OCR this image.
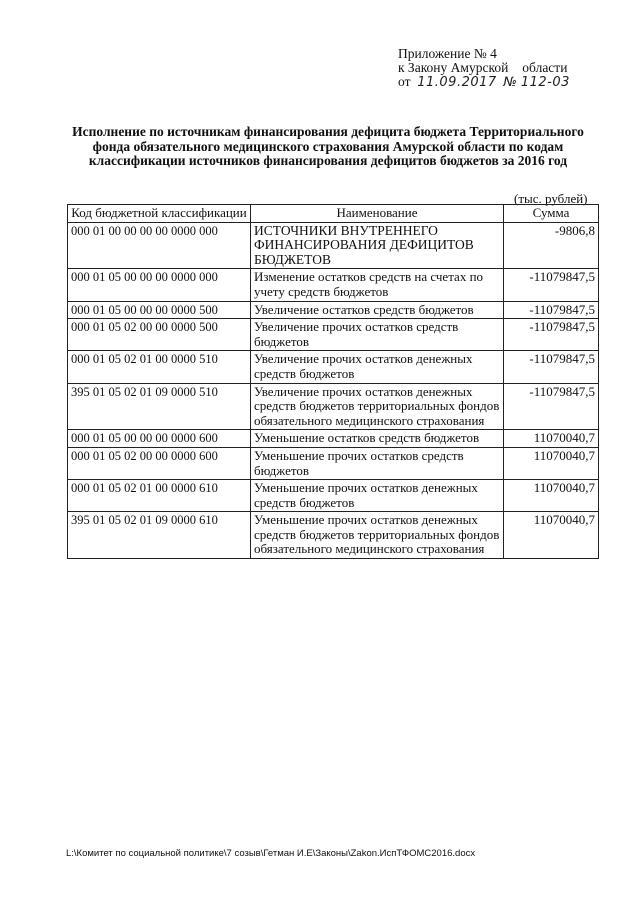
Приложение № 4
к Закону Амурской области
от 11.09.2017 № 112-03
Исполнение по источникам финансирования дефицита бюджета Территориального фонда обязательного медицинского страхования Амурской области по кодам классификации источников финансирования дефицитов бюджетов за 2016 год
(тыс. рублей)
Код бюджетной классификации	Наименование	Сумма
000 01 00 00 00 00 0000 000	ИСТОЧНИКИ ВНУТРЕННЕГО ФИНАНСИРОВАНИЯ ДЕФИЦИТОВ БЮДЖЕТОВ	-9806,8
000 01 05 00 00 00 0000 000	Изменение остатков средств на счетах по учету средств бюджетов	-11079847,5
000 01 05 00 00 00 0000 500	Увеличение остатков средств бюджетов	-11079847,5
000 01 05 02 00 00 0000 500	Увеличение прочих остатков средств бюджетов	-11079847,5
000 01 05 02 01 00 0000 510	Увеличение прочих остатков денежных средств бюджетов	-11079847,5
395 01 05 02 01 09 0000 510	Увеличение прочих остатков денежных средств бюджетов территориальных фондов обязательного медицинского страхования	-11079847,5
000 01 05 00 00 00 0000 600	Уменьшение остатков средств бюджетов	11070040,7
000 01 05 02 00 00 0000 600	Уменьшение прочих остатков средств бюджетов	11070040,7
000 01 05 02 01 00 0000 610	Уменьшение прочих остатков денежных средств бюджетов	11070040,7
395 01 05 02 01 09 0000 610	Уменьшение прочих остатков денежных средств бюджетов территориальных фондов обязательного медицинского страхования	11070040,7
L:\Комитет по социальной политике\7 созыв\Гетман И.Е\Законы\Zakon.ИспТФОМС2016.docx
